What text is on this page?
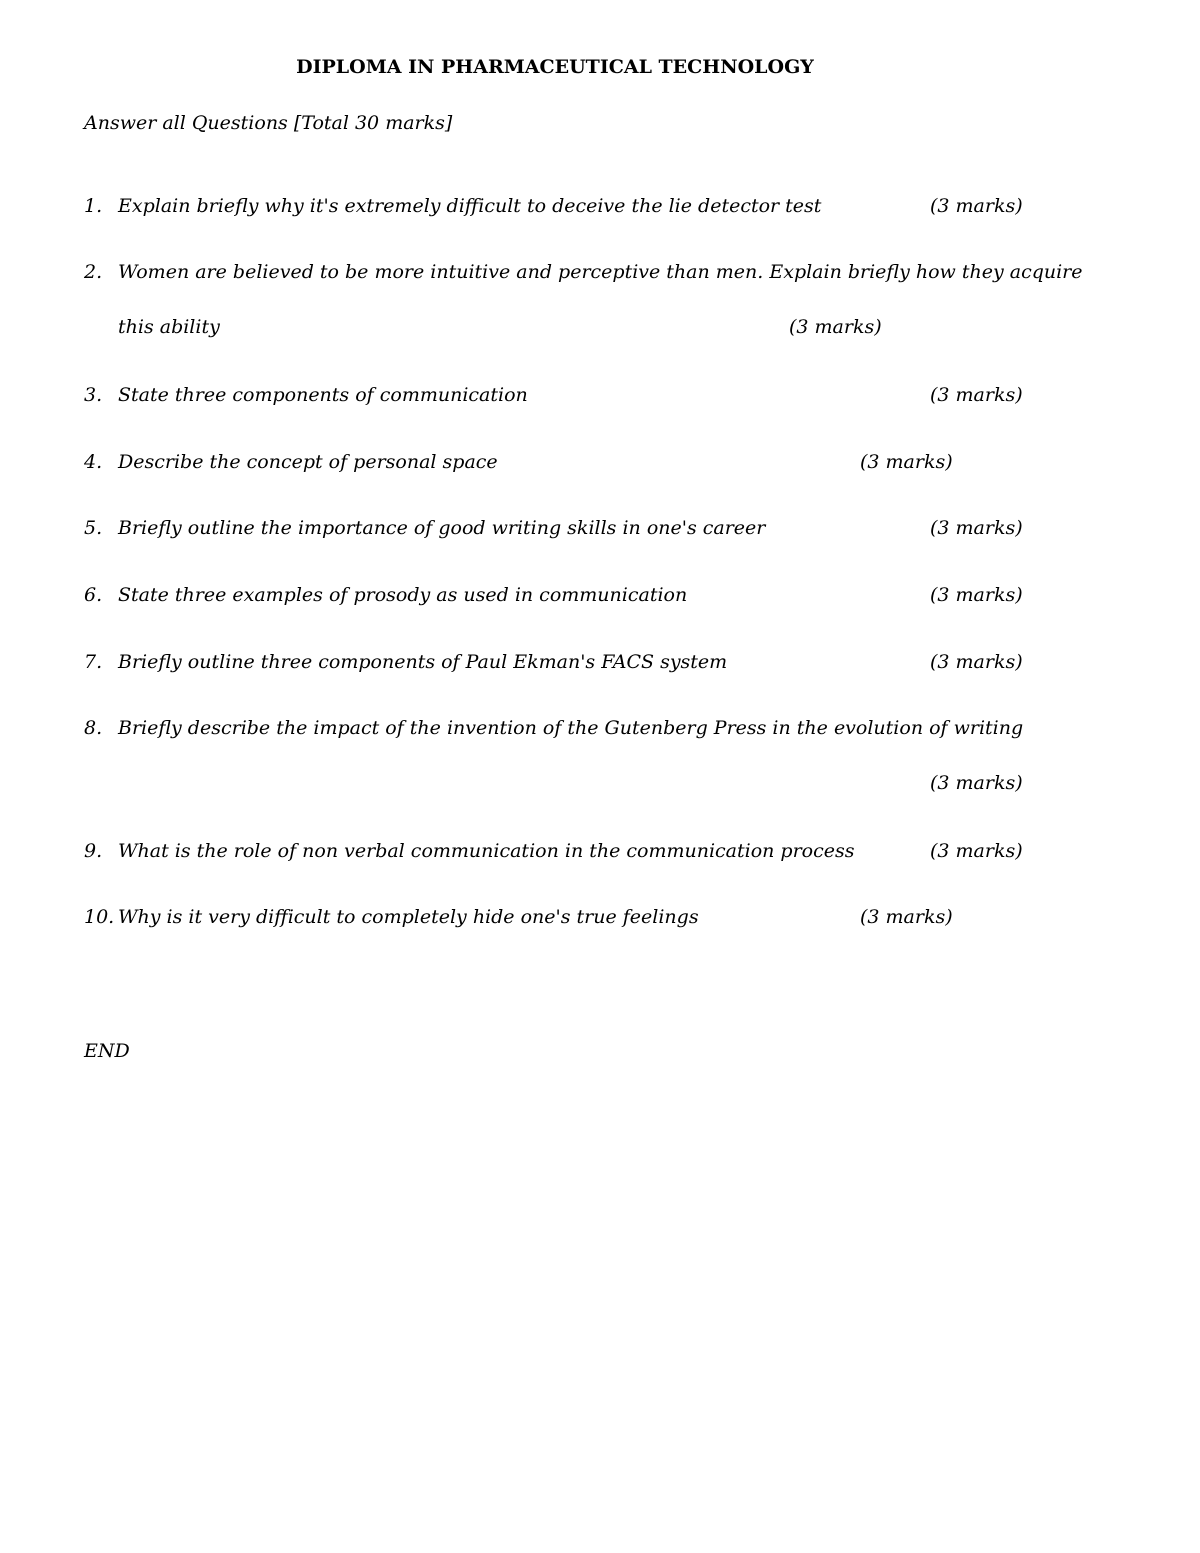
DIPLOMA IN PHARMACEUTICAL TECHNOLOGY
Answer all Questions [Total 30 marks]
1. Explain briefly why it's extremely difficult to deceive the lie detector test	(3 marks)
2. Women are believed to be more intuitive and perceptive than men. Explain briefly how they acquire
this ability	(3 marks)
3. State three components of communication	(3 marks)
4. Describe the concept of personal space	(3 marks)
5. Briefly outline the importance of good writing skills in one's career	(3 marks)
6. State three examples of prosody as used in communication	(3 marks)
7. Briefly outline three components of Paul Ekman's FACS system	(3 marks)
8. Briefly describe the impact of the invention of the Gutenberg Press in the evolution of writing
(3 marks)
9. What is the role of non verbal communication in the communication process	(3 marks)
10. Why is it very difficult to completely hide one's true feelings	(3 marks)
END
